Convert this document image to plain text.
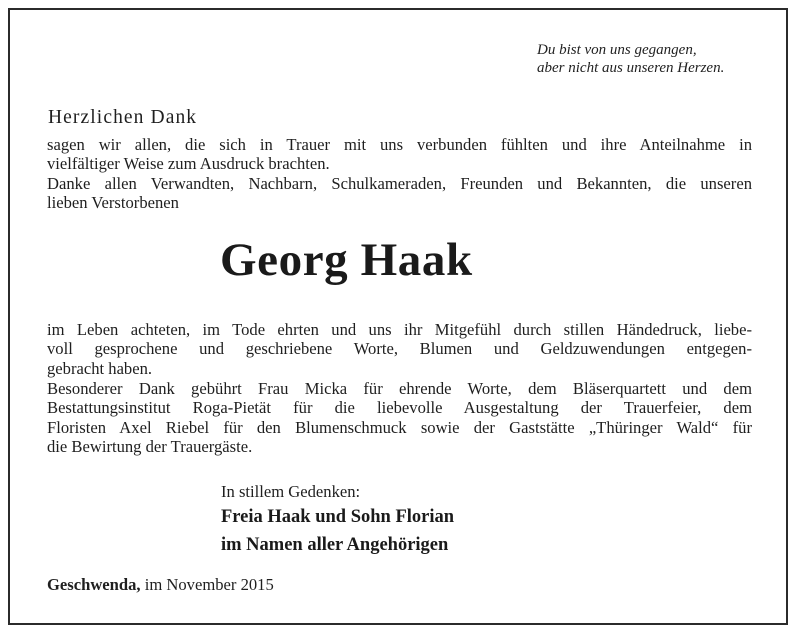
Du bist von uns gegangen,
aber nicht aus unseren Herzen.
Herzlichen Dank

sagen wir allen, die sich in Trauer mit uns verbunden fühlten und ihre Anteilnahme in
vielfältiger Weise zum Ausdruck brachten.

Danke allen Verwandten, Nachbarn, Schulkameraden, Freunden und Bekannten, die unseren
lieben Verstorbenen

Georg Haak

im Leben achteten, im Tode ehrten und uns ihr Mitgefühl durch stillen Händedruck, liebe-
voll gesprochene und geschriebene Worte, Blumen und Geldzuwendungen entgegen-
gebracht haben.

Besonderer Dank gebührt Frau Micka für ehrende Worte, dem Bläserquartett und dem
Bestattungsinstitut Roga-Pietät für die liebevolle Ausgestaltung der Trauerfeier, dem
Floristen Axel Riebel für den Blumenschmuck sowie der Gaststätte „Thüringer Wald“ für
die Bewirtung der Trauergäste.

In stillem Gedenken:
Freia Haak und Sohn Florian
im Namen aller Angehörigen
Geschwenda, im November 2015
